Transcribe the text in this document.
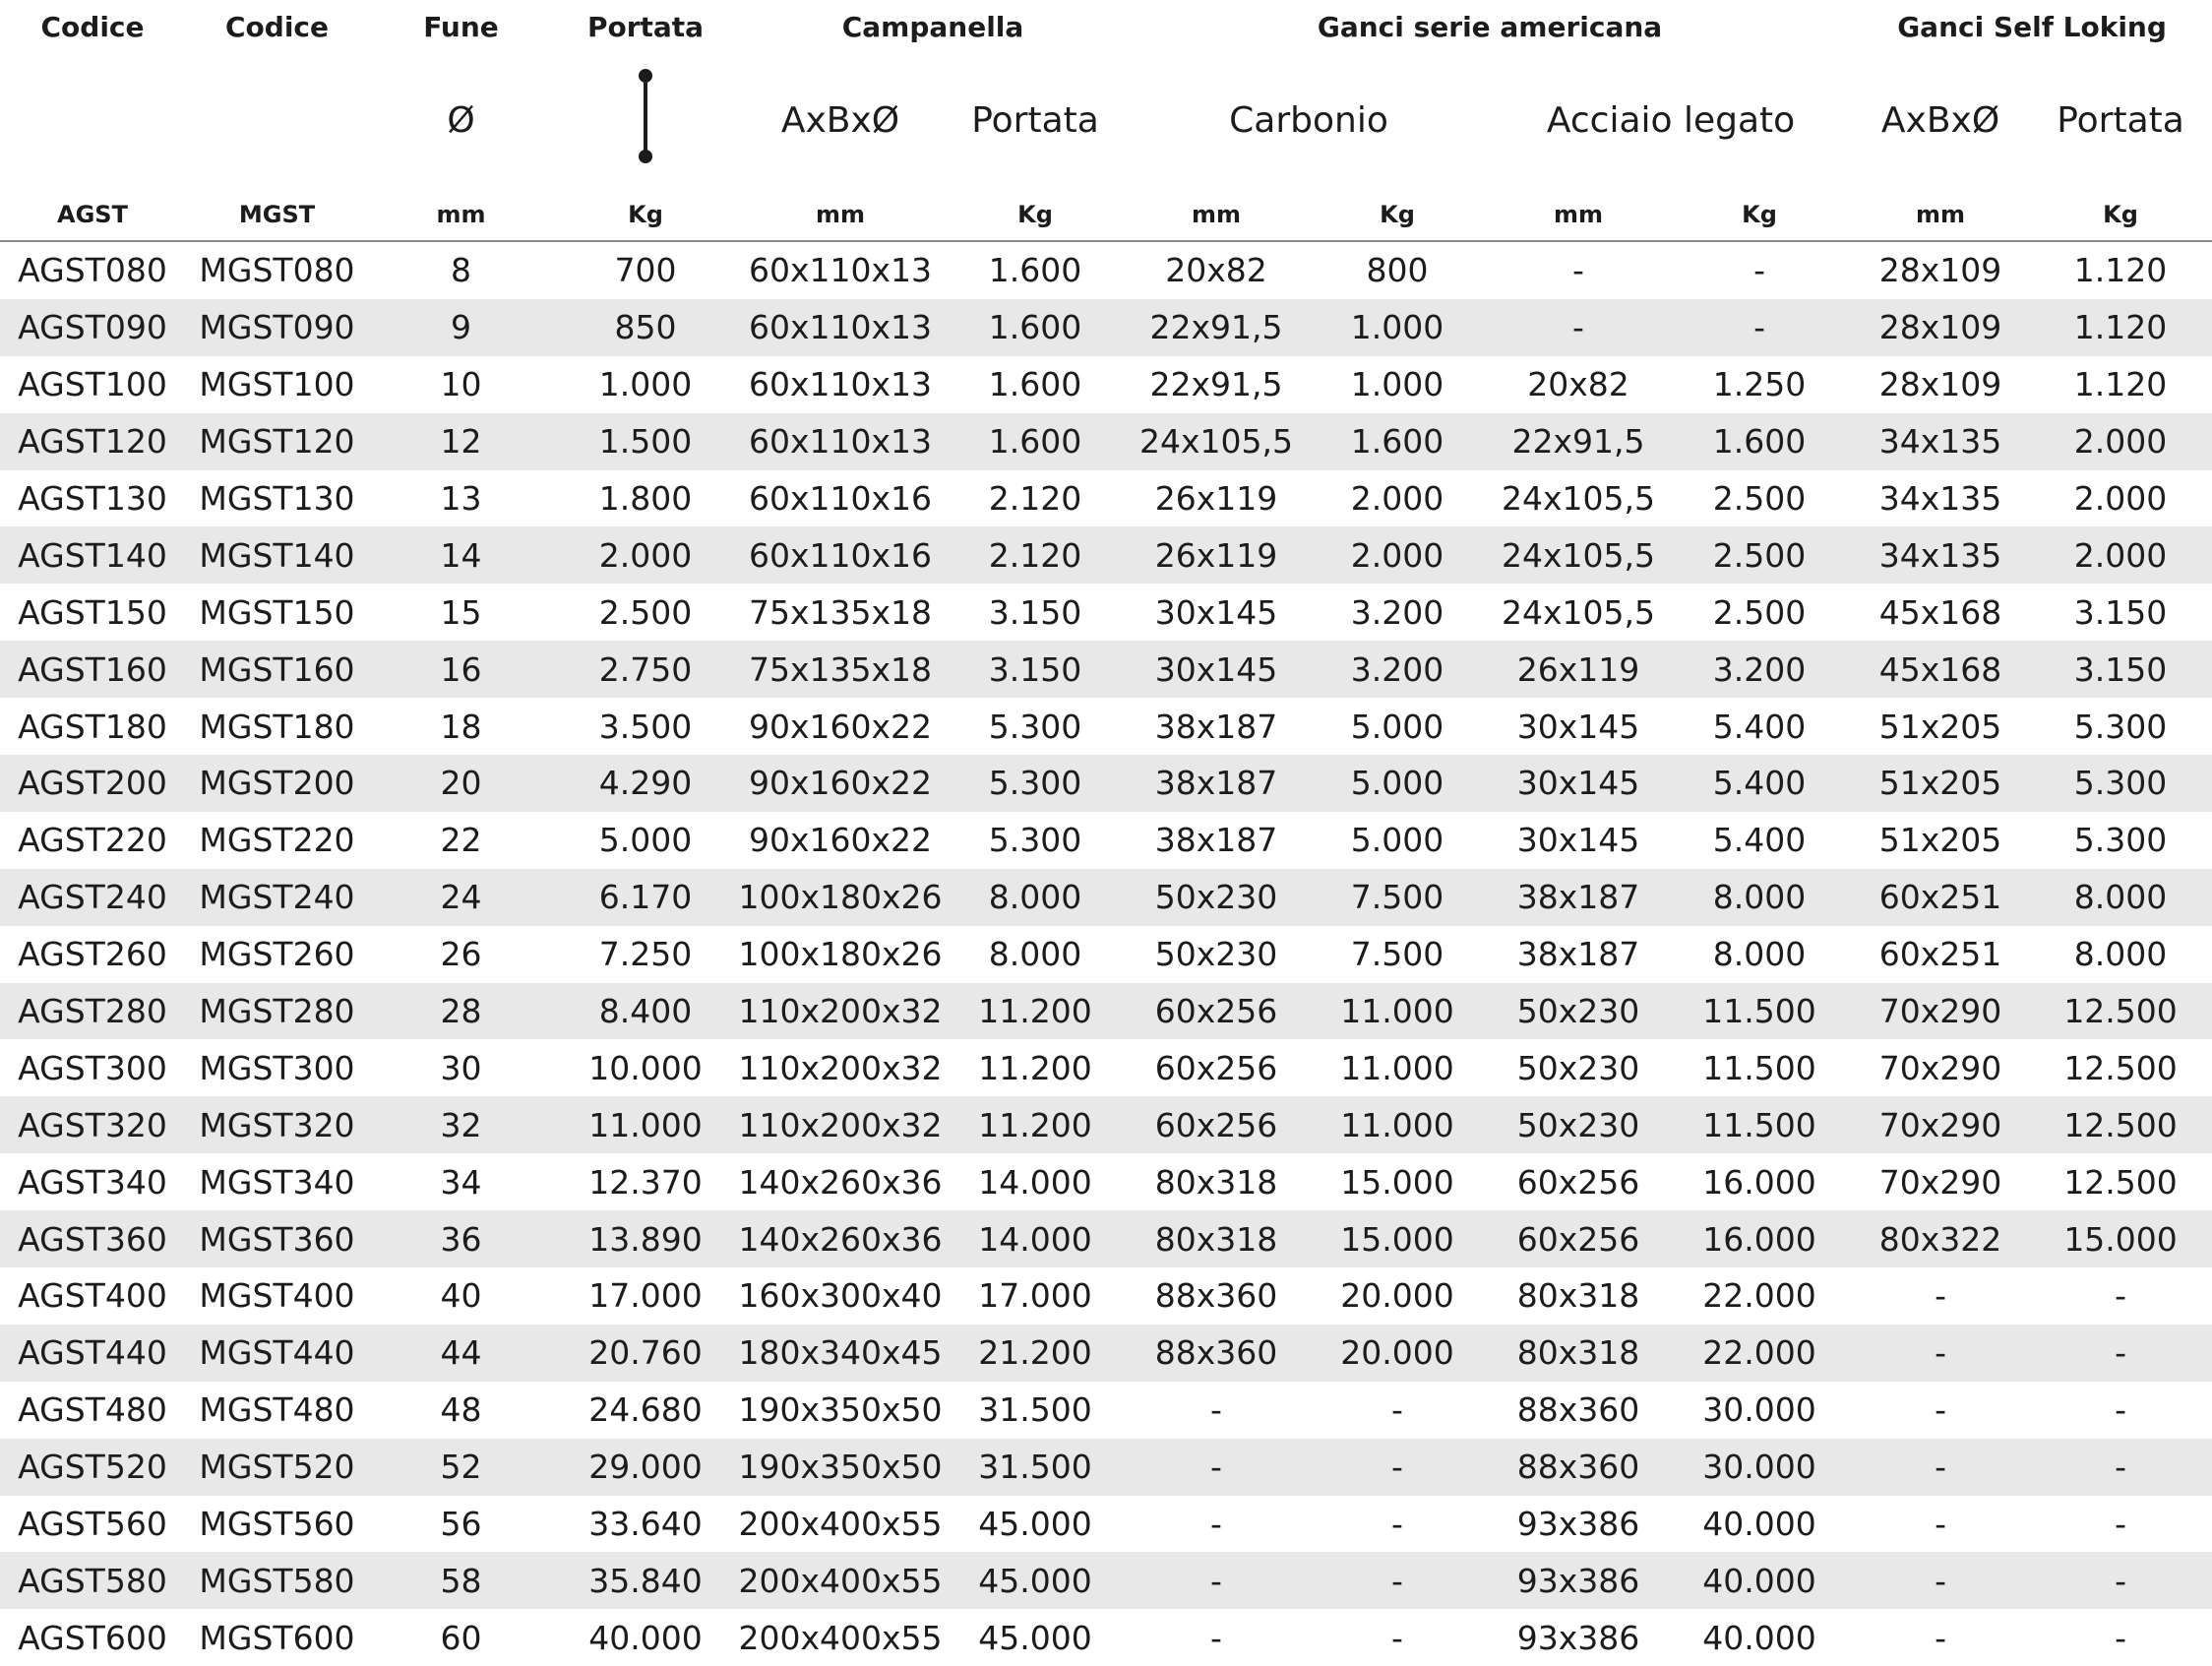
Codice	Codice	Fune	Portata	Campanella		Ganci serie americana				Ganci Self Loking	
		Ø		AxBxØ	Portata	Carbonio		Acciaio legato		AxBxØ	Portata
AGST	MGST	mm	Kg	mm	Kg	mm	Kg	mm	Kg	mm	Kg
AGST080	MGST080	8	700	60x110x13	1.600	20x82	800	-	-	28x109	1.120
AGST090	MGST090	9	850	60x110x13	1.600	22x91,5	1.000	-	-	28x109	1.120
AGST100	MGST100	10	1.000	60x110x13	1.600	22x91,5	1.000	20x82	1.250	28x109	1.120
AGST120	MGST120	12	1.500	60x110x13	1.600	24x105,5	1.600	22x91,5	1.600	34x135	2.000
AGST130	MGST130	13	1.800	60x110x16	2.120	26x119	2.000	24x105,5	2.500	34x135	2.000
AGST140	MGST140	14	2.000	60x110x16	2.120	26x119	2.000	24x105,5	2.500	34x135	2.000
AGST150	MGST150	15	2.500	75x135x18	3.150	30x145	3.200	24x105,5	2.500	45x168	3.150
AGST160	MGST160	16	2.750	75x135x18	3.150	30x145	3.200	26x119	3.200	45x168	3.150
AGST180	MGST180	18	3.500	90x160x22	5.300	38x187	5.000	30x145	5.400	51x205	5.300
AGST200	MGST200	20	4.290	90x160x22	5.300	38x187	5.000	30x145	5.400	51x205	5.300
AGST220	MGST220	22	5.000	90x160x22	5.300	38x187	5.000	30x145	5.400	51x205	5.300
AGST240	MGST240	24	6.170	100x180x26	8.000	50x230	7.500	38x187	8.000	60x251	8.000
AGST260	MGST260	26	7.250	100x180x26	8.000	50x230	7.500	38x187	8.000	60x251	8.000
AGST280	MGST280	28	8.400	110x200x32	11.200	60x256	11.000	50x230	11.500	70x290	12.500
AGST300	MGST300	30	10.000	110x200x32	11.200	60x256	11.000	50x230	11.500	70x290	12.500
AGST320	MGST320	32	11.000	110x200x32	11.200	60x256	11.000	50x230	11.500	70x290	12.500
AGST340	MGST340	34	12.370	140x260x36	14.000	80x318	15.000	60x256	16.000	70x290	12.500
AGST360	MGST360	36	13.890	140x260x36	14.000	80x318	15.000	60x256	16.000	80x322	15.000
AGST400	MGST400	40	17.000	160x300x40	17.000	88x360	20.000	80x318	22.000	-	-
AGST440	MGST440	44	20.760	180x340x45	21.200	88x360	20.000	80x318	22.000	-	-
AGST480	MGST480	48	24.680	190x350x50	31.500	-	-	88x360	30.000	-	-
AGST520	MGST520	52	29.000	190x350x50	31.500	-	-	88x360	30.000	-	-
AGST560	MGST560	56	33.640	200x400x55	45.000	-	-	93x386	40.000	-	-
AGST580	MGST580	58	35.840	200x400x55	45.000	-	-	93x386	40.000	-	-
AGST600	MGST600	60	40.000	200x400x55	45.000	-	-	93x386	40.000	-	-
